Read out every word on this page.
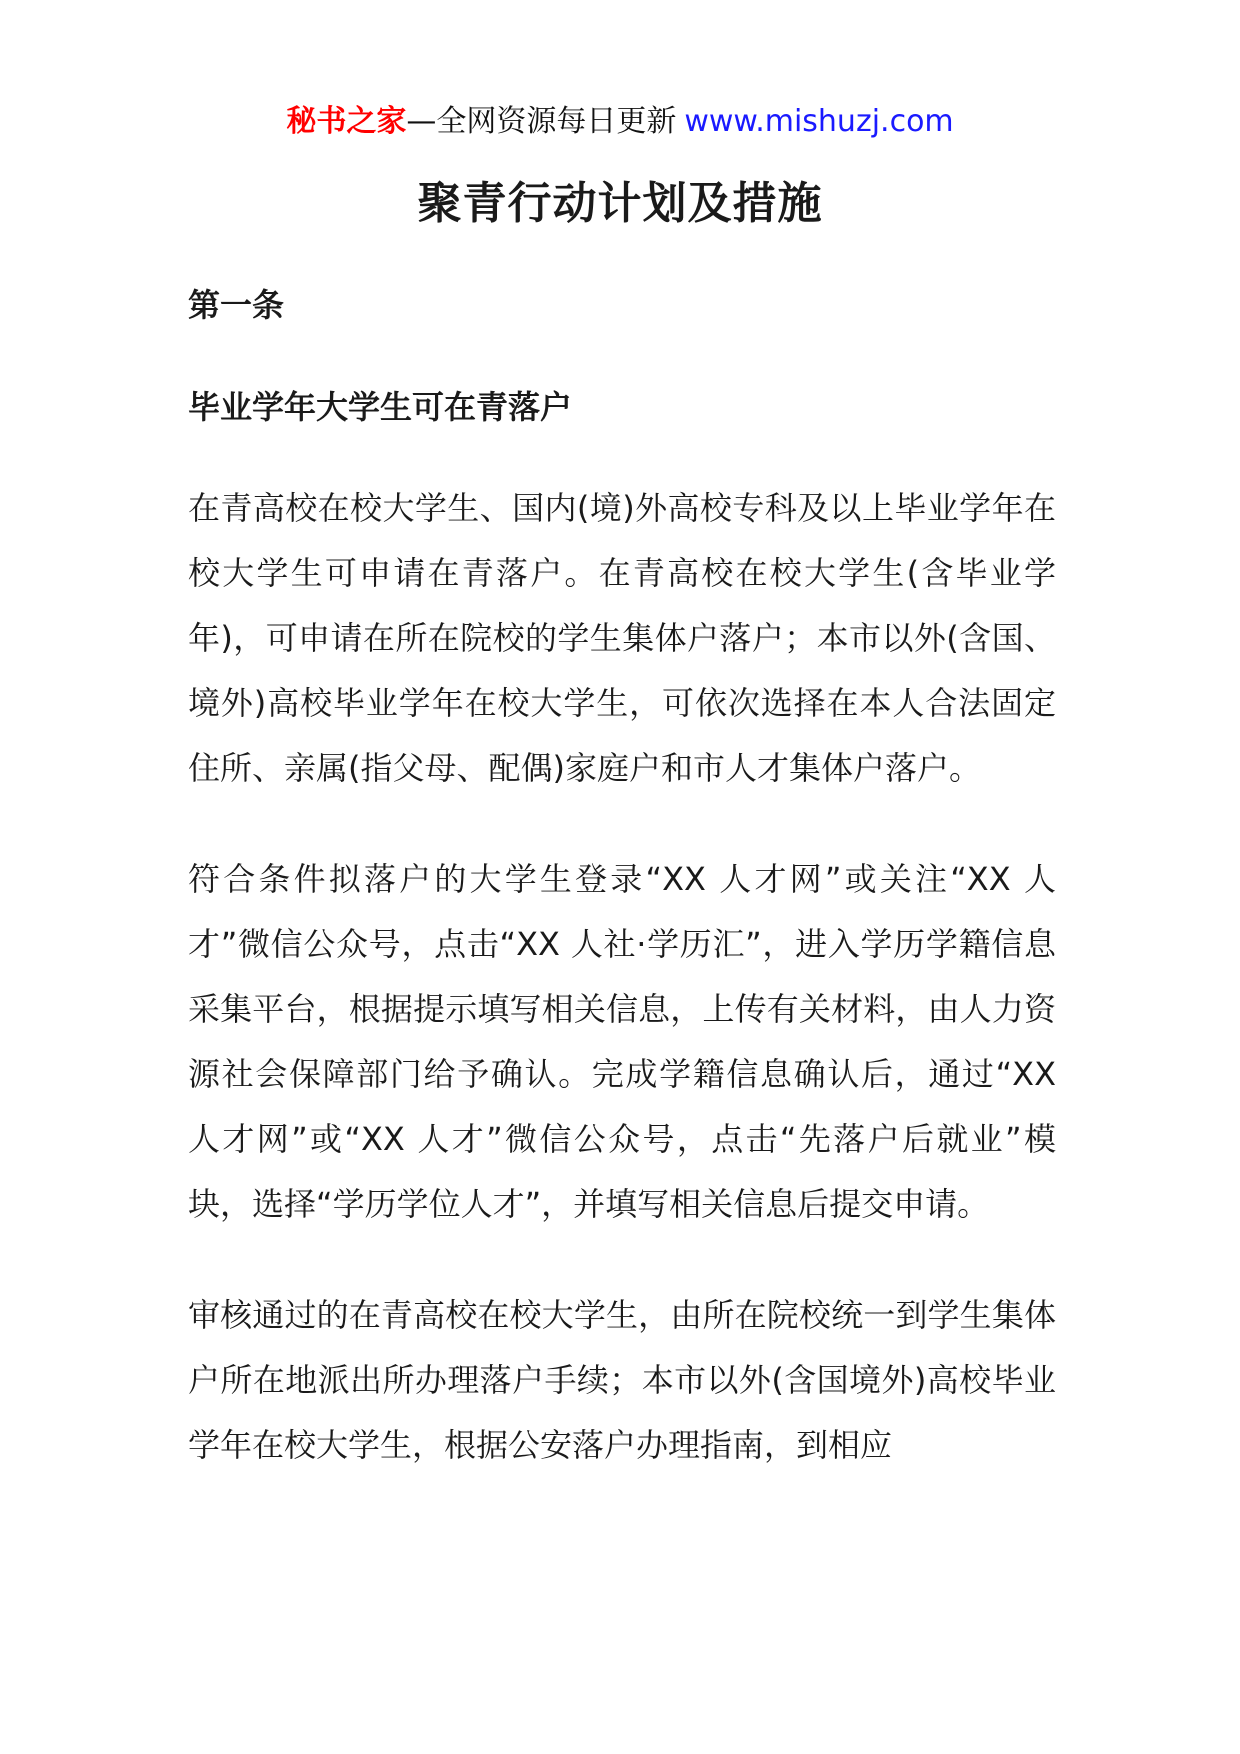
秘书之家—全网资源每日更新 www.mishuzj.com
聚青行动计划及措施

第一条

毕业学年大学生可在青落户

在青高校在校大学生、国内(境)外高校专科及以上毕业学年在校大学生可申请在青落户。在青高校在校大学生(含毕业学年)，可申请在所在院校的学生集体户落户；本市以外(含国、境外)高校毕业学年在校大学生，可依次选择在本人合法固定住所、亲属(指父母、配偶)家庭户和市人才集体户落户。

符合条件拟落户的大学生登录“XX 人才网”或关注“XX 人才”微信公众号，点击“XX 人社·学历汇”，进入学历学籍信息采集平台，根据提示填写相关信息，上传有关材料，由人力资源社会保障部门给予确认。完成学籍信息确认后，通过“XX 人才网”或“XX 人才”微信公众号，点击“先落户后就业”模块，选择“学历学位人才”，并填写相关信息后提交申请。

审核通过的在青高校在校大学生，由所在院校统一到学生集体户所在地派出所办理落户手续；本市以外(含国境外)高校毕业学年在校大学生，根据公安落户办理指南，到相应
